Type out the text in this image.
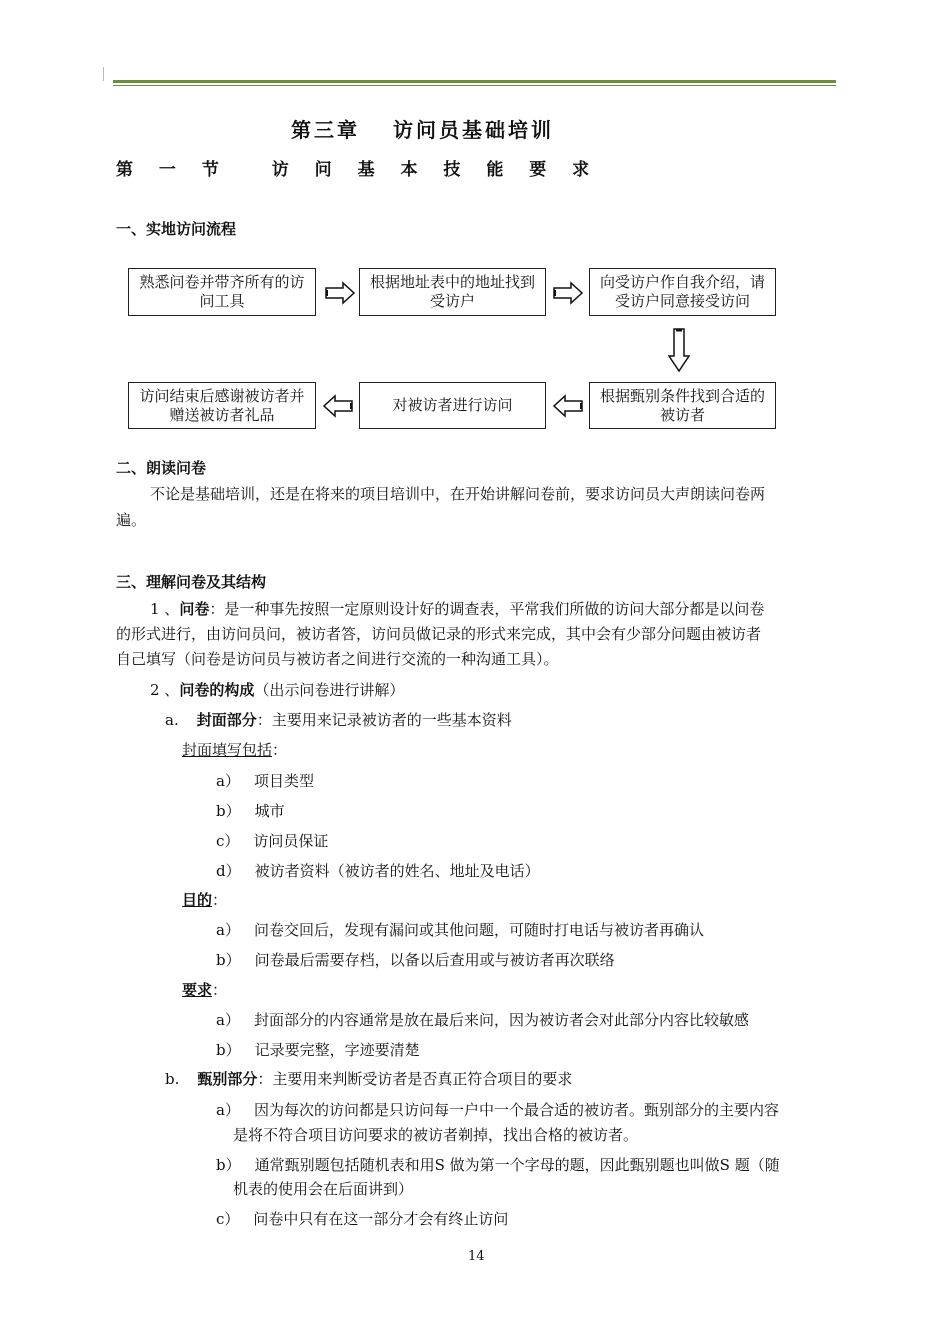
第三章　 访问员基础培训
第 一 节　 访 问 基 本 技 能 要 求
一、实地访问流程
熟悉问卷并带齐所有的访问工具
根据地址表中的地址找到受访户
向受访户作自我介绍，请受访户同意接受访问
根据甄别条件找到合适的被访者
对被访者进行访问
访问结束后感谢被访者并赠送被访者礼品
二、朗读问卷
不论是基础培训，还是在将来的项目培训中，在开始讲解问卷前，要求访问员大声朗读问卷两
遍。
三、理解问卷及其结构
1 、问卷：是一种事先按照一定原则设计好的调查表，平常我们所做的访问大部分都是以问卷
的形式进行，由访问员问，被访者答，访问员做记录的形式来完成，其中会有少部分问题由被访者
自己填写（问卷是访问员与被访者之间进行交流的一种沟通工具）。
2 、问卷的构成（出示问卷进行讲解）
a. 封面部分：主要用来记录被访者的一些基本资料
封面填写包括：
a） 项目类型
b） 城市
c） 访问员保证
d） 被访者资料（被访者的姓名、地址及电话）
目的：
a） 问卷交回后，发现有漏问或其他问题，可随时打电话与被访者再确认
b） 问卷最后需要存档，以备以后查用或与被访者再次联络
要求：
a） 封面部分的内容通常是放在最后来问，因为被访者会对此部分内容比较敏感
b） 记录要完整，字迹要清楚
b. 甄别部分：主要用来判断受访者是否真正符合项目的要求
a） 因为每次的访问都是只访问每一户中一个最合适的被访者。甄别部分的主要内容
是将不符合项目访问要求的被访者剃掉，找出合格的被访者。
b） 通常甄别题包括随机表和用S 做为第一个字母的题，因此甄别题也叫做S 题（随
机表的使用会在后面讲到）
c） 问卷中只有在这一部分才会有终止访问
14
